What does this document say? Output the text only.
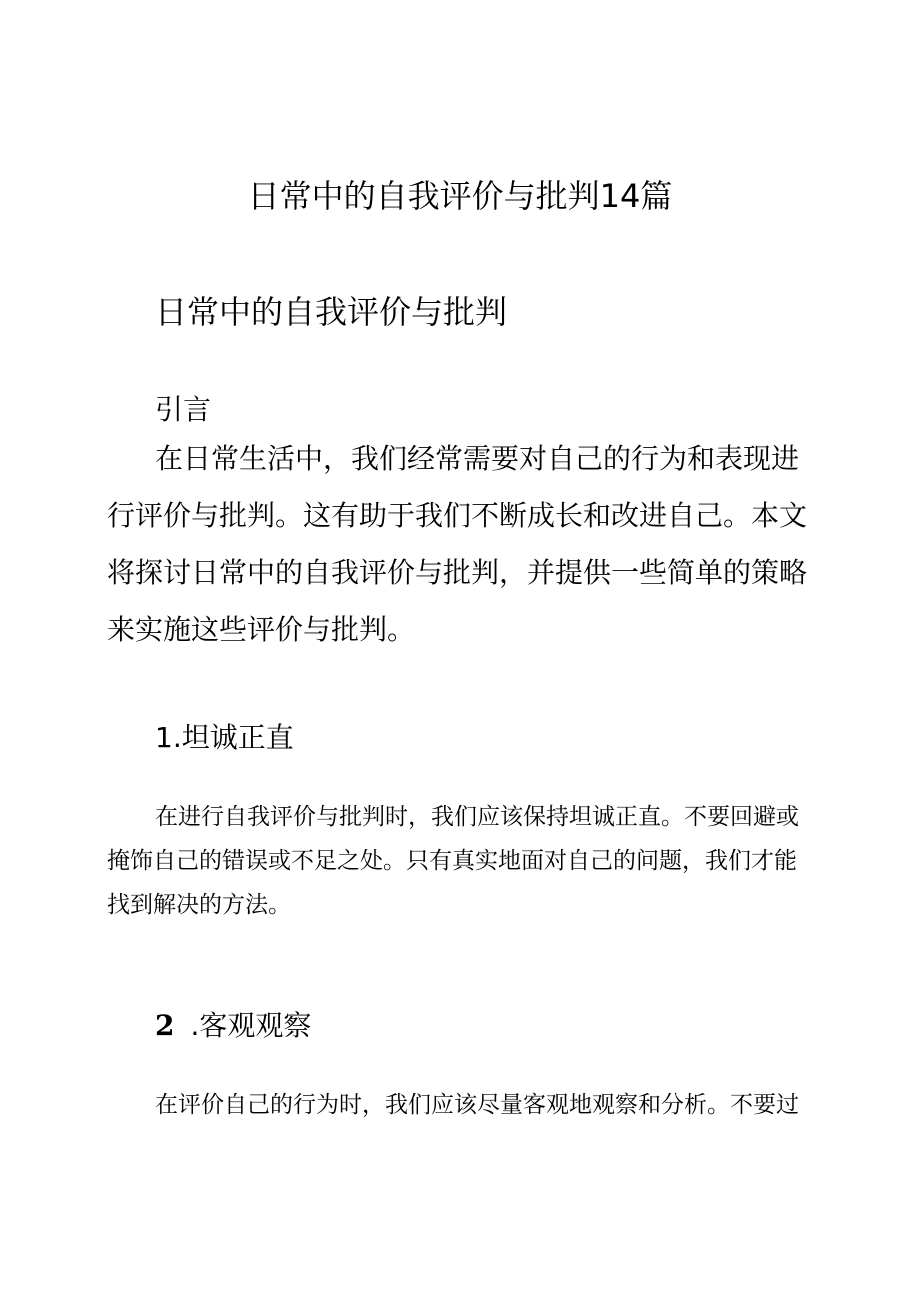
日常中的自我评价与批判14篇
日常中的自我评价与批判
引言
在日常生活中，我们经常需要对自己的行为和表现进
行评价与批判。这有助于我们不断成长和改进自己。本文
将探讨日常中的自我评价与批判，并提供一些简单的策略
来实施这些评价与批判。
1.坦诚正直
在进行自我评价与批判时，我们应该保持坦诚正直。不要回避或
掩饰自己的错误或不足之处。只有真实地面对自己的问题，我们才能
找到解决的方法。
2 .客观观察
在评价自己的行为时，我们应该尽量客观地观察和分析。不要过
